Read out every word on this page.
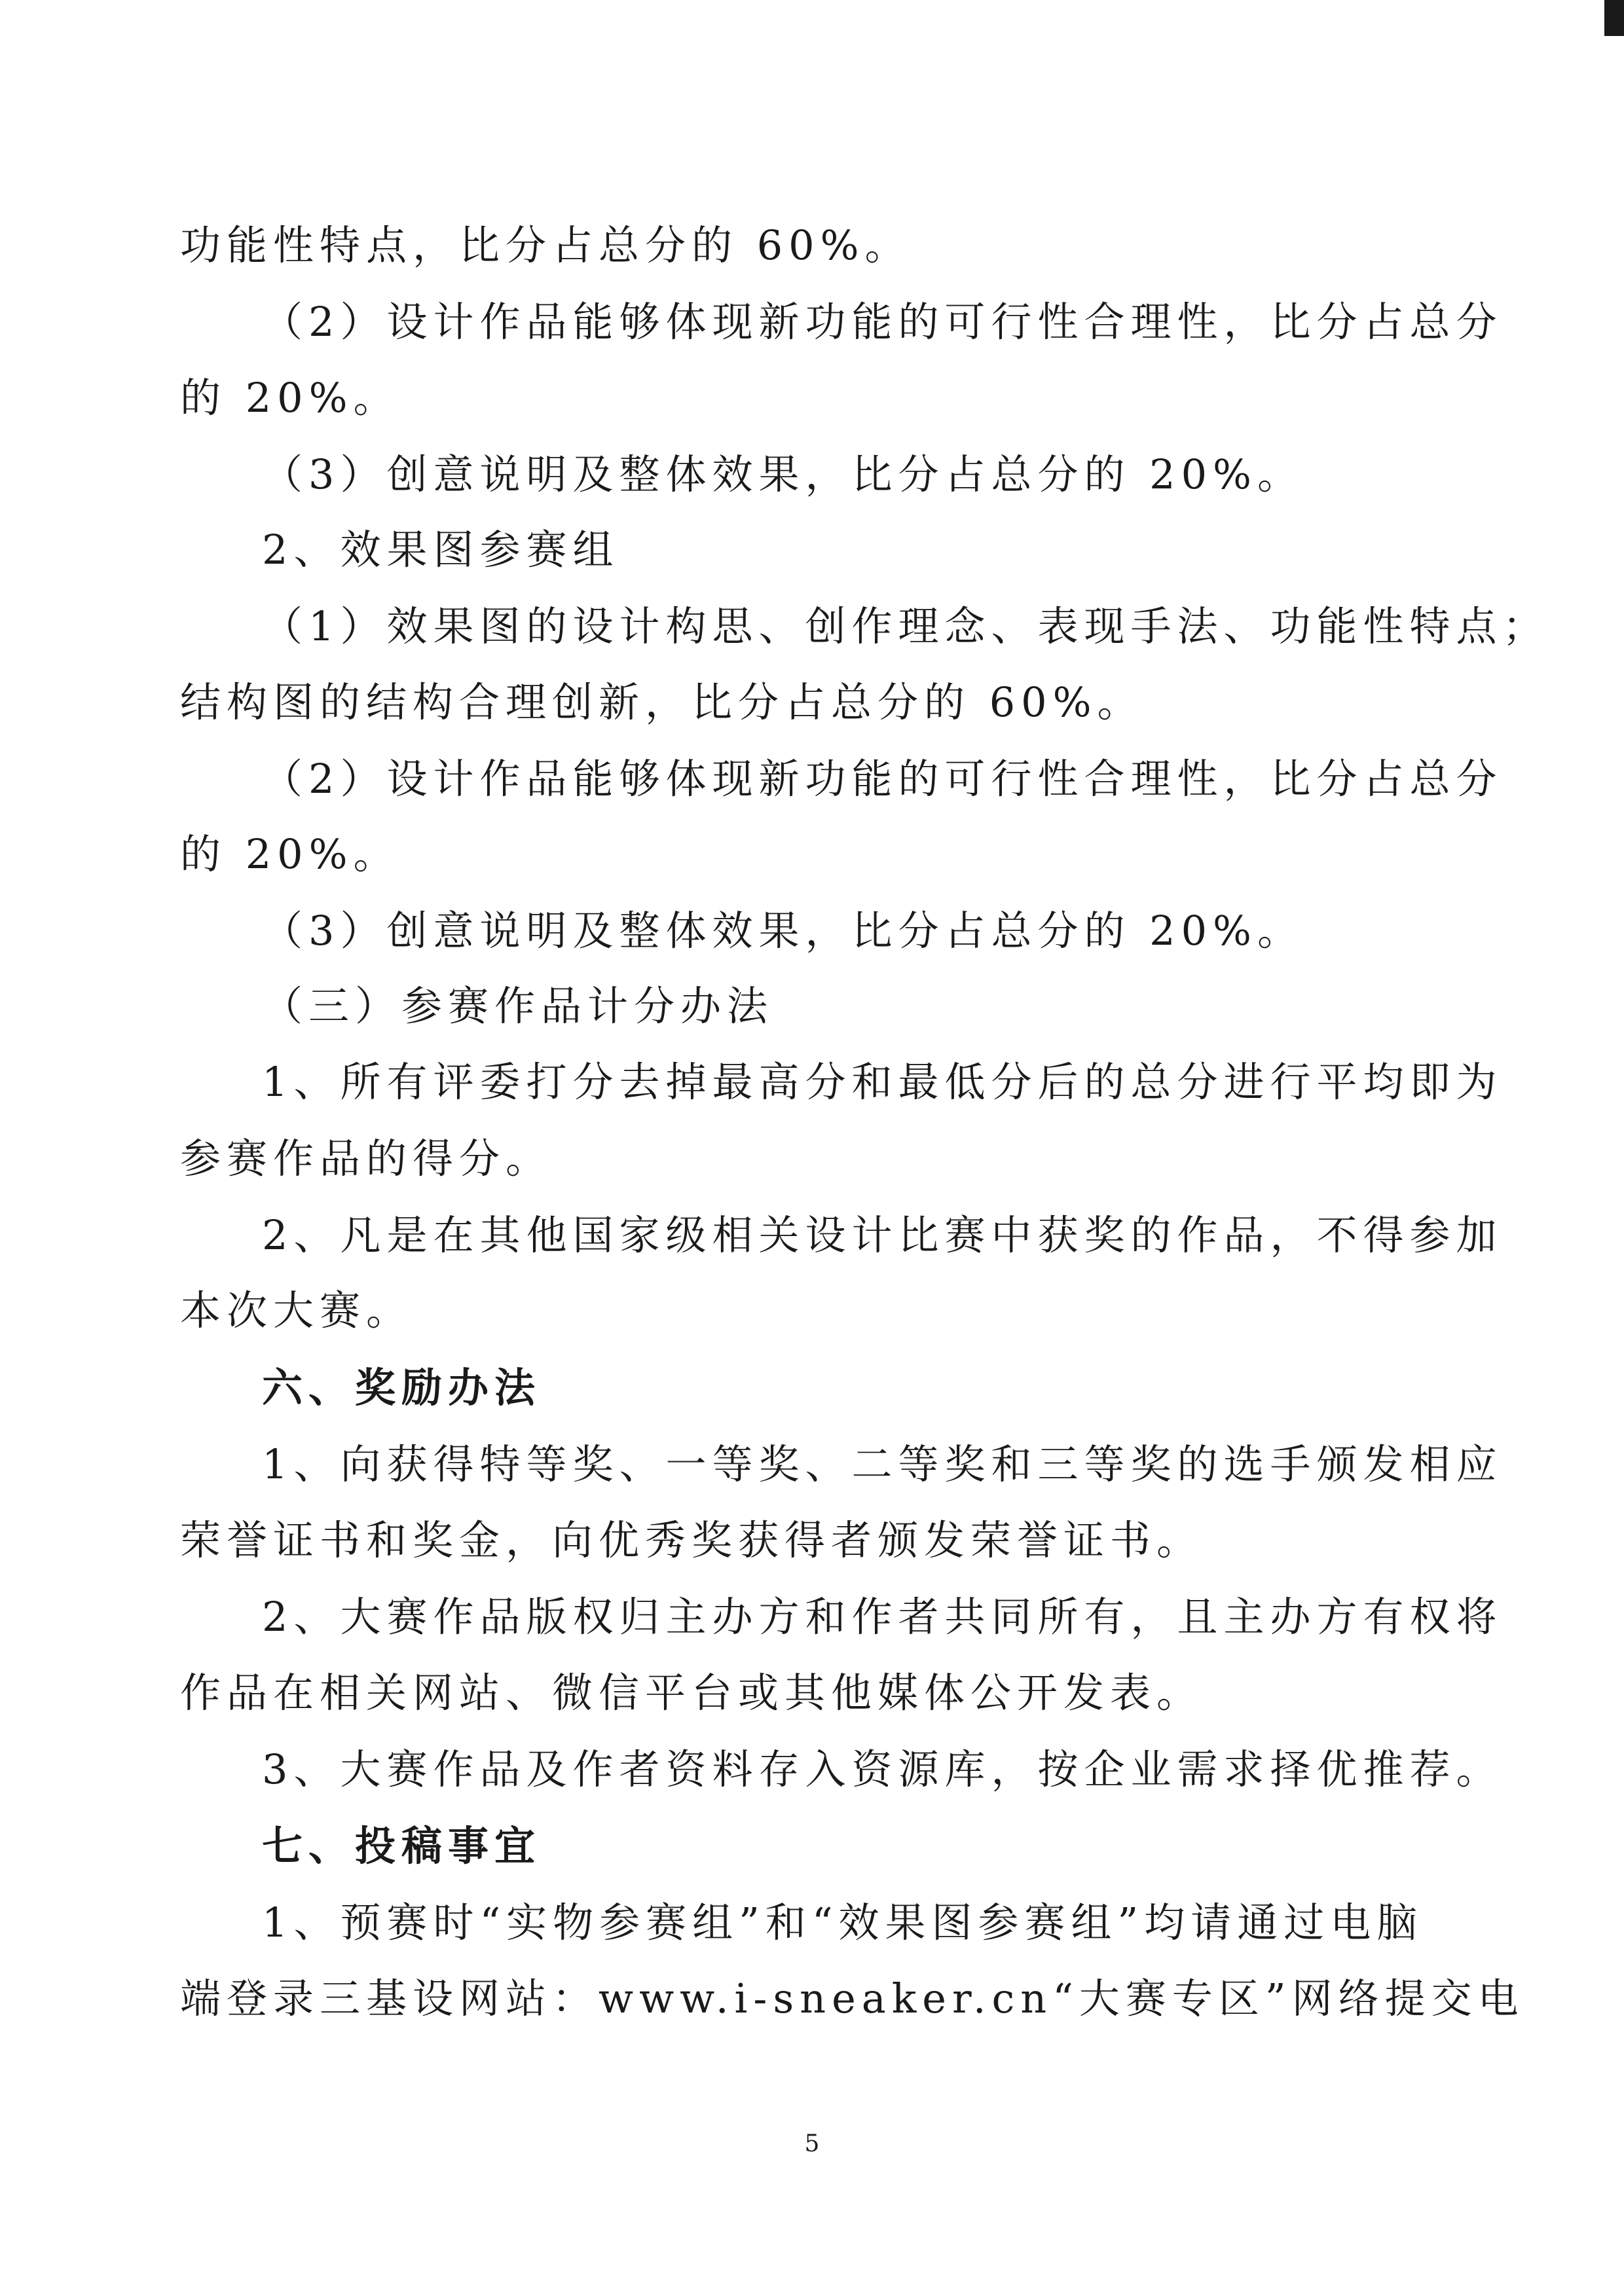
功能性特点，比分占总分的 60%。
（2）设计作品能够体现新功能的可行性合理性，比分占总分
的 20%。
（3）创意说明及整体效果，比分占总分的 20%。
2、效果图参赛组
（1）效果图的设计构思、创作理念、表现手法、功能性特点；
结构图的结构合理创新，比分占总分的 60%。
（2）设计作品能够体现新功能的可行性合理性，比分占总分
的 20%。
（3）创意说明及整体效果，比分占总分的 20%。
（三）参赛作品计分办法
1、所有评委打分去掉最高分和最低分后的总分进行平均即为
参赛作品的得分。
2、凡是在其他国家级相关设计比赛中获奖的作品，不得参加
本次大赛。
六、奖励办法
1、向获得特等奖、一等奖、二等奖和三等奖的选手颁发相应
荣誉证书和奖金，向优秀奖获得者颁发荣誉证书。
2、大赛作品版权归主办方和作者共同所有，且主办方有权将
作品在相关网站、微信平台或其他媒体公开发表。
3、大赛作品及作者资料存入资源库，按企业需求择优推荐。
七、投稿事宜
1、预赛时“实物参赛组”和“效果图参赛组”均请通过电脑
端登录三基设网站：www.i-sneaker.cn“大赛专区”网络提交电
5
